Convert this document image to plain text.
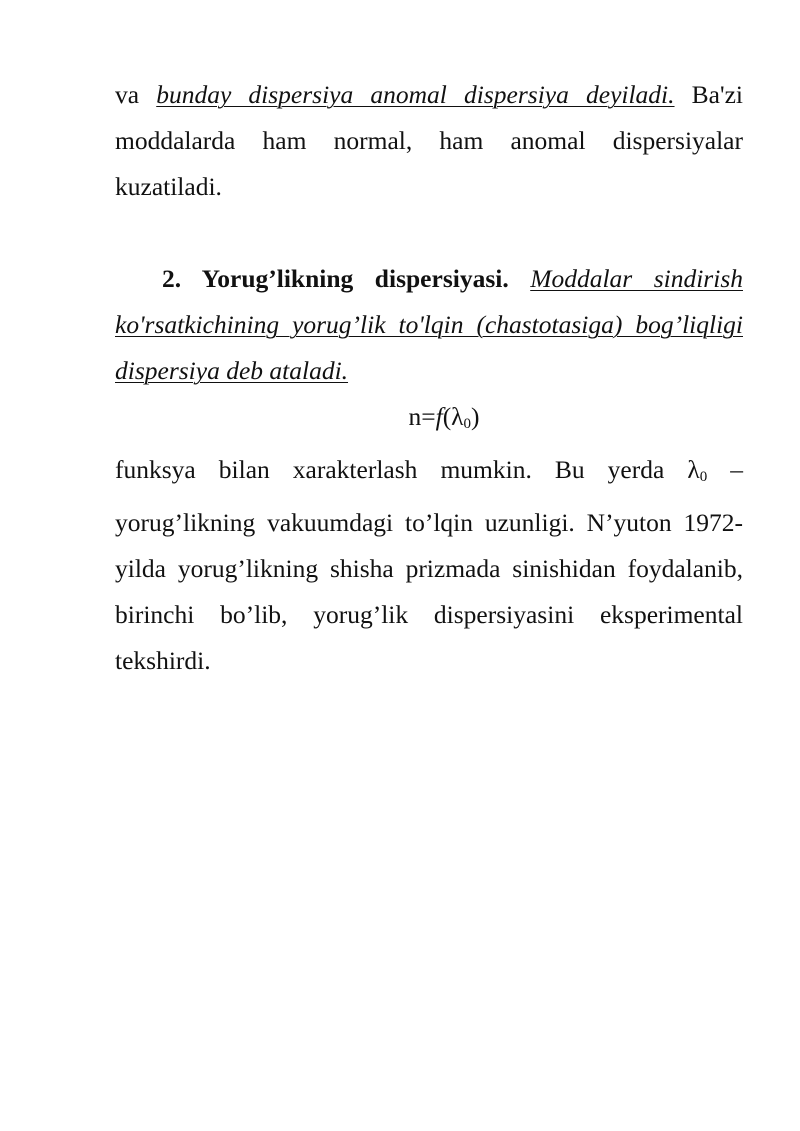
va bunday dispersiya anomal dispersiya deyiladi. Ba'zi moddalarda ham normal, ham anomal dispersiyalar kuzatiladi.

2. Yorug’likning dispersiyasi. Moddalar sindirish ko'rsatkichining yorug’lik to'lqin (chastotasiga) bog’liqligi dispersiya deb ataladi.

$n=f(\lambda_0)$

funksya bilan xarakterlash mumkin. Bu yerda $\lambda_0$ – yorug’likning vakuumdagi to’lqin uzunligi. N’yuton 1972-yilda yorug’likning shisha prizmada sinishidan foydalanib, birinchi bo’lib, yorug’lik dispersiyasini eksperimental tekshirdi.
